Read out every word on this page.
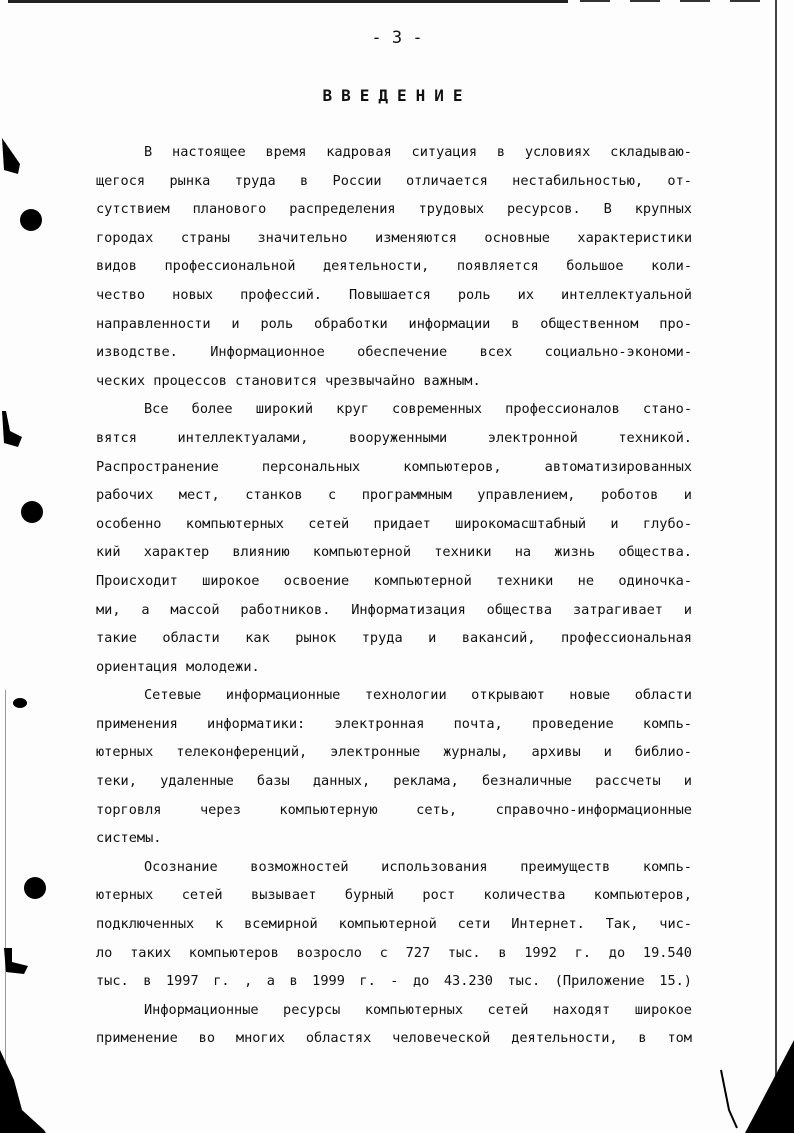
- 3 -
ВВЕДЕНИЕ
В настоящее время кадровая ситуация в условиях складываю-
щегося рынка труда в России отличается нестабильностью, от-
сутствием планового распределения трудовых ресурсов. В крупных
городах страны значительно изменяются основные характеристики
видов профессиональной деятельности, появляется большое коли-
чество новых профессий. Повышается роль их интеллектуальной
направленности и роль обработки информации в общественном про-
изводстве. Информационное обеспечение всех социально-экономи-
ческих процессов становится чрезвычайно важным.
Все более широкий круг современных профессионалов стано-
вятся интеллектуалами, вооруженными электронной техникой.
Распространение персональных компьютеров, автоматизированных
рабочих мест, станков с программным управлением, роботов и
особенно компьютерных сетей придает широкомасштабный и глубо-
кий характер влиянию компьютерной техники на жизнь общества.
Происходит широкое освоение компьютерной техники не одиночка-
ми, а массой работников. Информатизация общества затрагивает и
такие области как рынок труда и вакансий, профессиональная
ориентация молодежи.
Сетевые информационные технологии открывают новые области
применения информатики: электронная почта, проведение компь-
ютерных телеконференций, электронные журналы, архивы и библио-
теки, удаленные базы данных, реклама, безналичные рассчеты и
торговля через компьютерную сеть, справочно-информационные
системы.
Осознание возможностей использования преимуществ компь-
ютерных сетей вызывает бурный рост количества компьютеров,
подключенных к всемирной компьютерной сети Интернет. Так, чис-
ло таких компьютеров возросло с 727 тыс. в 1992 г. до 19.540
тыс. в 1997 г. , а в 1999 г. - до 43.230 тыс. (Приложение 15.)
Информационные ресурсы компьютерных сетей находят широкое
применение во многих областях человеческой деятельности, в том
